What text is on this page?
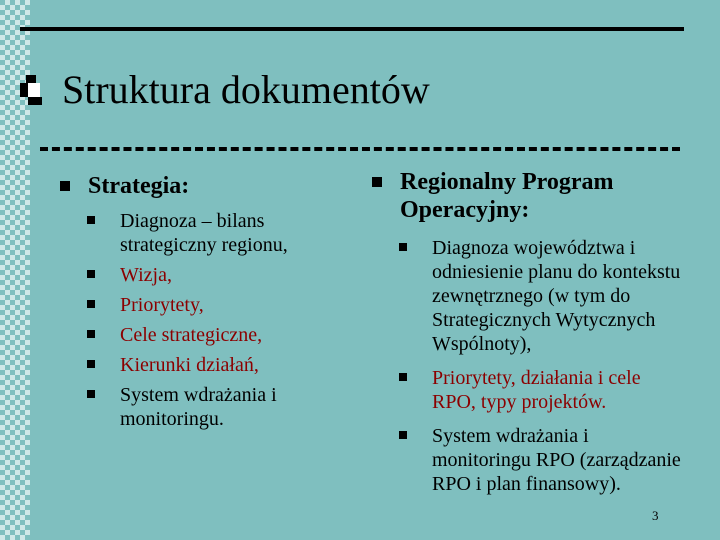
Struktura dokumentów
Strategia:
Diagnoza – bilans strategiczny regionu,
Wizja,
Priorytety,
Cele strategiczne,
Kierunki działań,
System wdrażania i monitoringu.
Regionalny Program Operacyjny:
Diagnoza województwa i odniesienie planu do kontekstu zewnętrznego (w tym do Strategicznych Wytycznych Wspólnoty),
Priorytety, działania i cele RPO, typy projektów.
System wdrażania i monitoringu RPO (zarządzanie RPO i plan finansowy).
3
